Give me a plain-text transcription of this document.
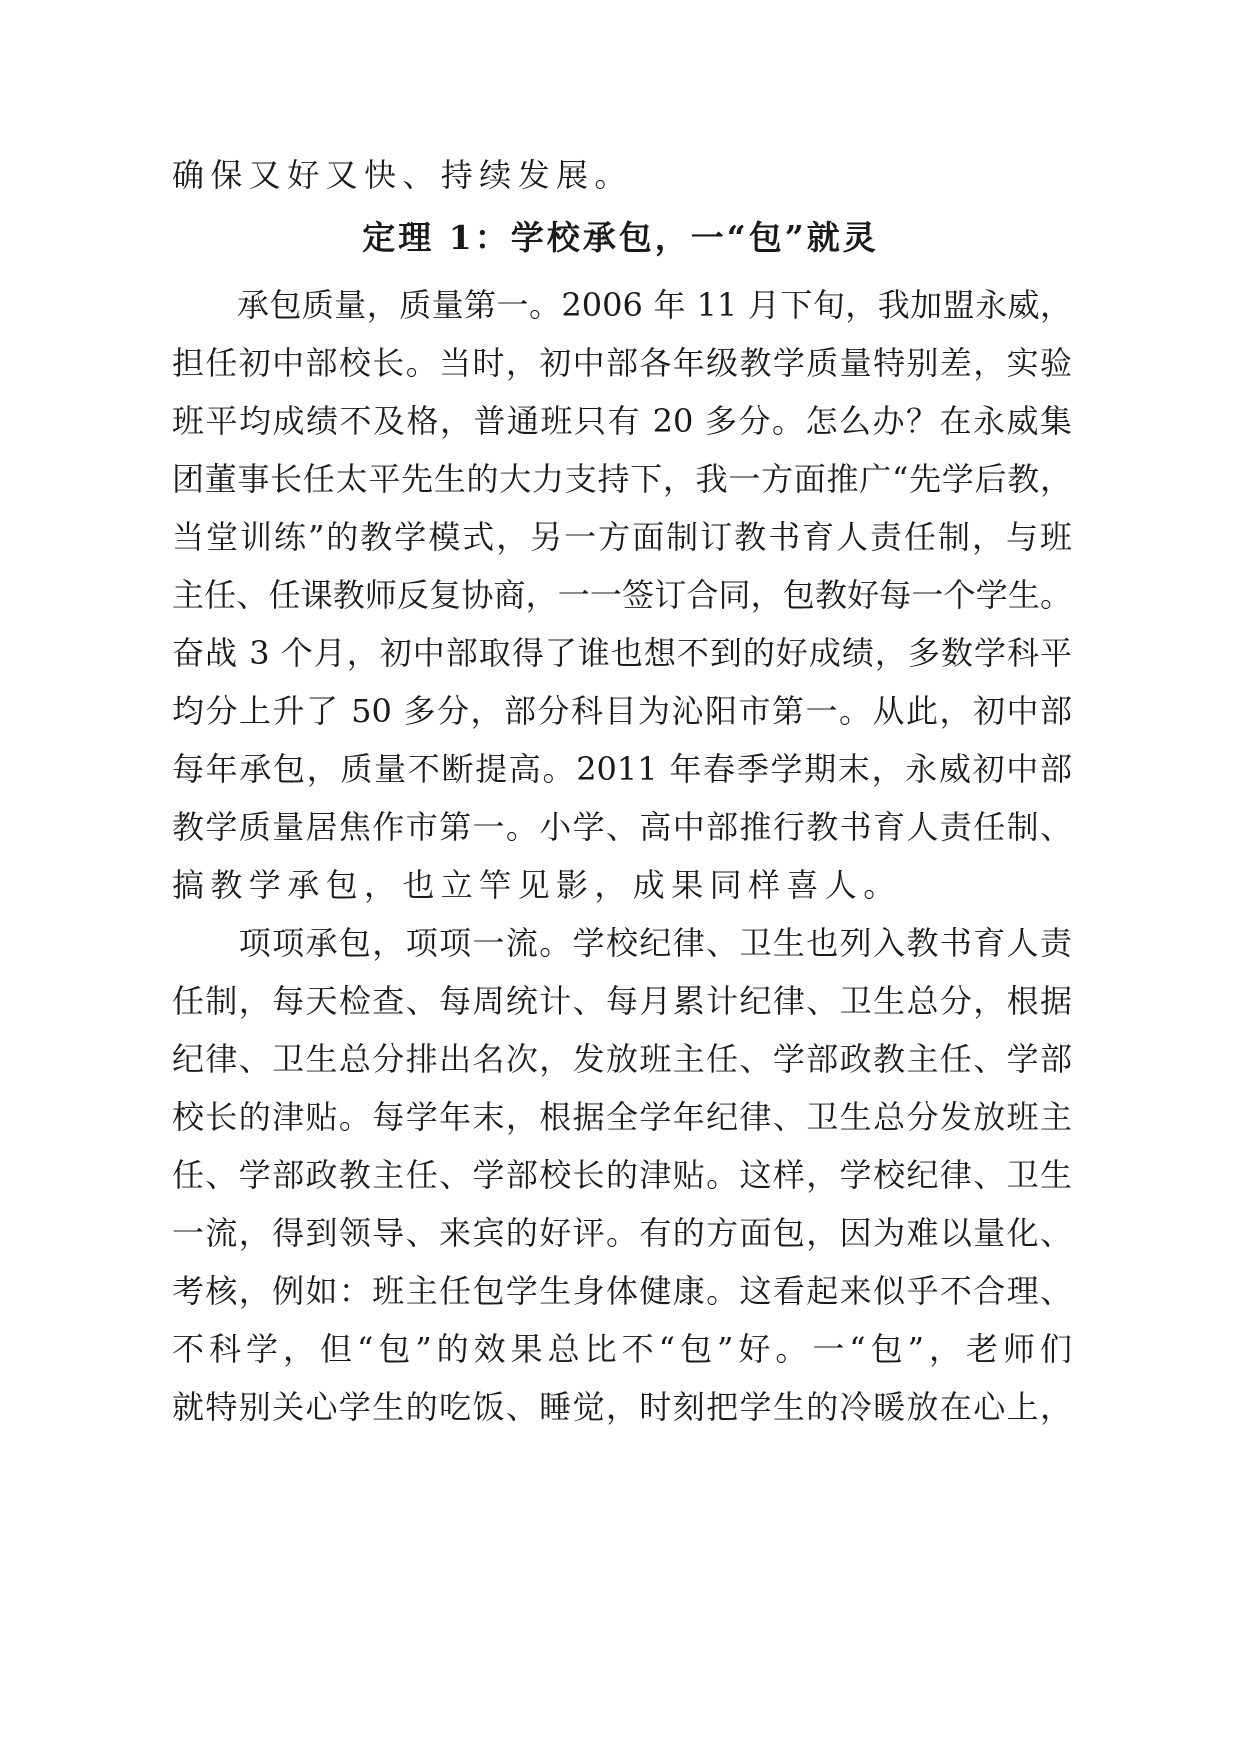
确保又好又快、持续发展。
定理 1：学校承包，一“包”就灵
　　承包质量，质量第一。2006 年 11 月下旬，我加盟永威，
担任初中部校长。当时，初中部各年级教学质量特别差，实验
班平均成绩不及格，普通班只有 20 多分。怎么办？在永威集
团董事长任太平先生的大力支持下，我一方面推广“先学后教，
当堂训练”的教学模式，另一方面制订教书育人责任制，与班
主任、任课教师反复协商，一一签订合同，包教好每一个学生。
奋战 3 个月，初中部取得了谁也想不到的好成绩，多数学科平
均分上升了 50 多分，部分科目为沁阳市第一。从此，初中部
每年承包，质量不断提高。2011 年春季学期末，永威初中部
教学质量居焦作市第一。小学、高中部推行教书育人责任制、
搞教学承包，也立竿见影，成果同样喜人。
　　项项承包，项项一流。学校纪律、卫生也列入教书育人责
任制，每天检查、每周统计、每月累计纪律、卫生总分，根据
纪律、卫生总分排出名次，发放班主任、学部政教主任、学部
校长的津贴。每学年末，根据全学年纪律、卫生总分发放班主
任、学部政教主任、学部校长的津贴。这样，学校纪律、卫生
一流，得到领导、来宾的好评。有的方面包，因为难以量化、
考核，例如：班主任包学生身体健康。这看起来似乎不合理、
不科学，但“包”的效果总比不“包”好。一“包”，老师们
就特别关心学生的吃饭、睡觉，时刻把学生的冷暖放在心上，
